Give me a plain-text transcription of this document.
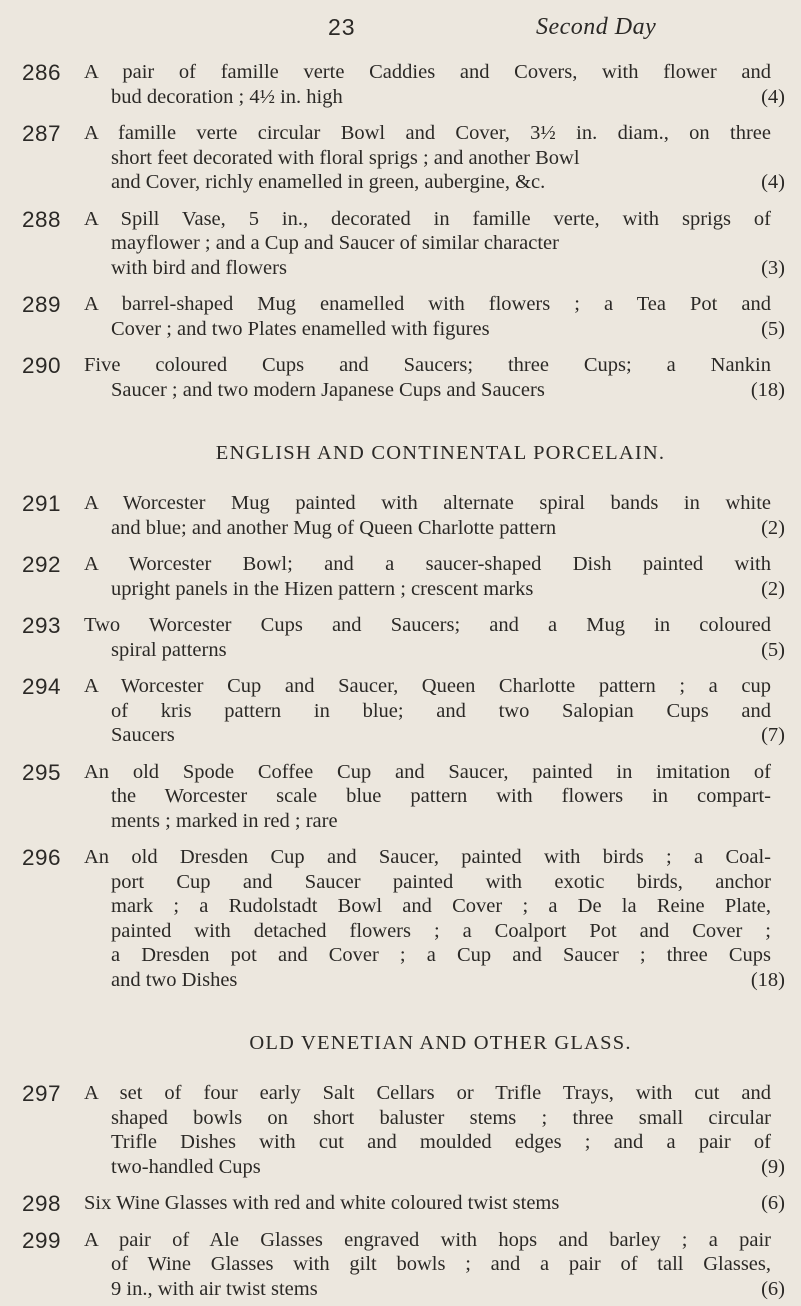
23	Second Day
286 A pair of famille verte Caddies and Covers, with flower and
bud decoration ; 4½ in. high	(4)
287 A famille verte circular Bowl and Cover, 3½ in. diam., on three
short feet decorated with floral sprigs ; and another Bowl
and Cover, richly enamelled in green, aubergine, &c.	(4)
288 A Spill Vase, 5 in., decorated in famille verte, with sprigs of
mayflower ; and a Cup and Saucer of similar character
with bird and flowers	(3)
289 A barrel-shaped Mug enamelled with flowers ; a Tea Pot and
Cover ; and two Plates enamelled with figures	(5)
290 Five coloured Cups and Saucers; three Cups; a Nankin
Saucer ; and two modern Japanese Cups and Saucers	(18)
ENGLISH AND CONTINENTAL PORCELAIN.
291 A Worcester Mug painted with alternate spiral bands in white
and blue; and another Mug of Queen Charlotte pattern	(2)
292 A Worcester Bowl; and a saucer-shaped Dish painted with
upright panels in the Hizen pattern ; crescent marks	(2)
293 Two Worcester Cups and Saucers; and a Mug in coloured
spiral patterns	(5)
294 A Worcester Cup and Saucer, Queen Charlotte pattern ; a cup
of kris pattern in blue; and two Salopian Cups and
Saucers	(7)
295 An old Spode Coffee Cup and Saucer, painted in imitation of
the Worcester scale blue pattern with flowers in compart-
ments ; marked in red ; rare
296 An old Dresden Cup and Saucer, painted with birds ; a Coal-
port Cup and Saucer painted with exotic birds, anchor
mark ; a Rudolstadt Bowl and Cover ; a De la Reine Plate,
painted with detached flowers ; a Coalport Pot and Cover ;
a Dresden pot and Cover ; a Cup and Saucer ; three Cups
and two Dishes	(18)
OLD VENETIAN AND OTHER GLASS.
297 A set of four early Salt Cellars or Trifle Trays, with cut and
shaped bowls on short baluster stems ; three small circular
Trifle Dishes with cut and moulded edges ; and a pair of
two-handled Cups	(9)
298 Six Wine Glasses with red and white coloured twist stems	(6)
299 A pair of Ale Glasses engraved with hops and barley ; a pair
of Wine Glasses with gilt bowls ; and a pair of tall Glasses,
9 in., with air twist stems	(6)
